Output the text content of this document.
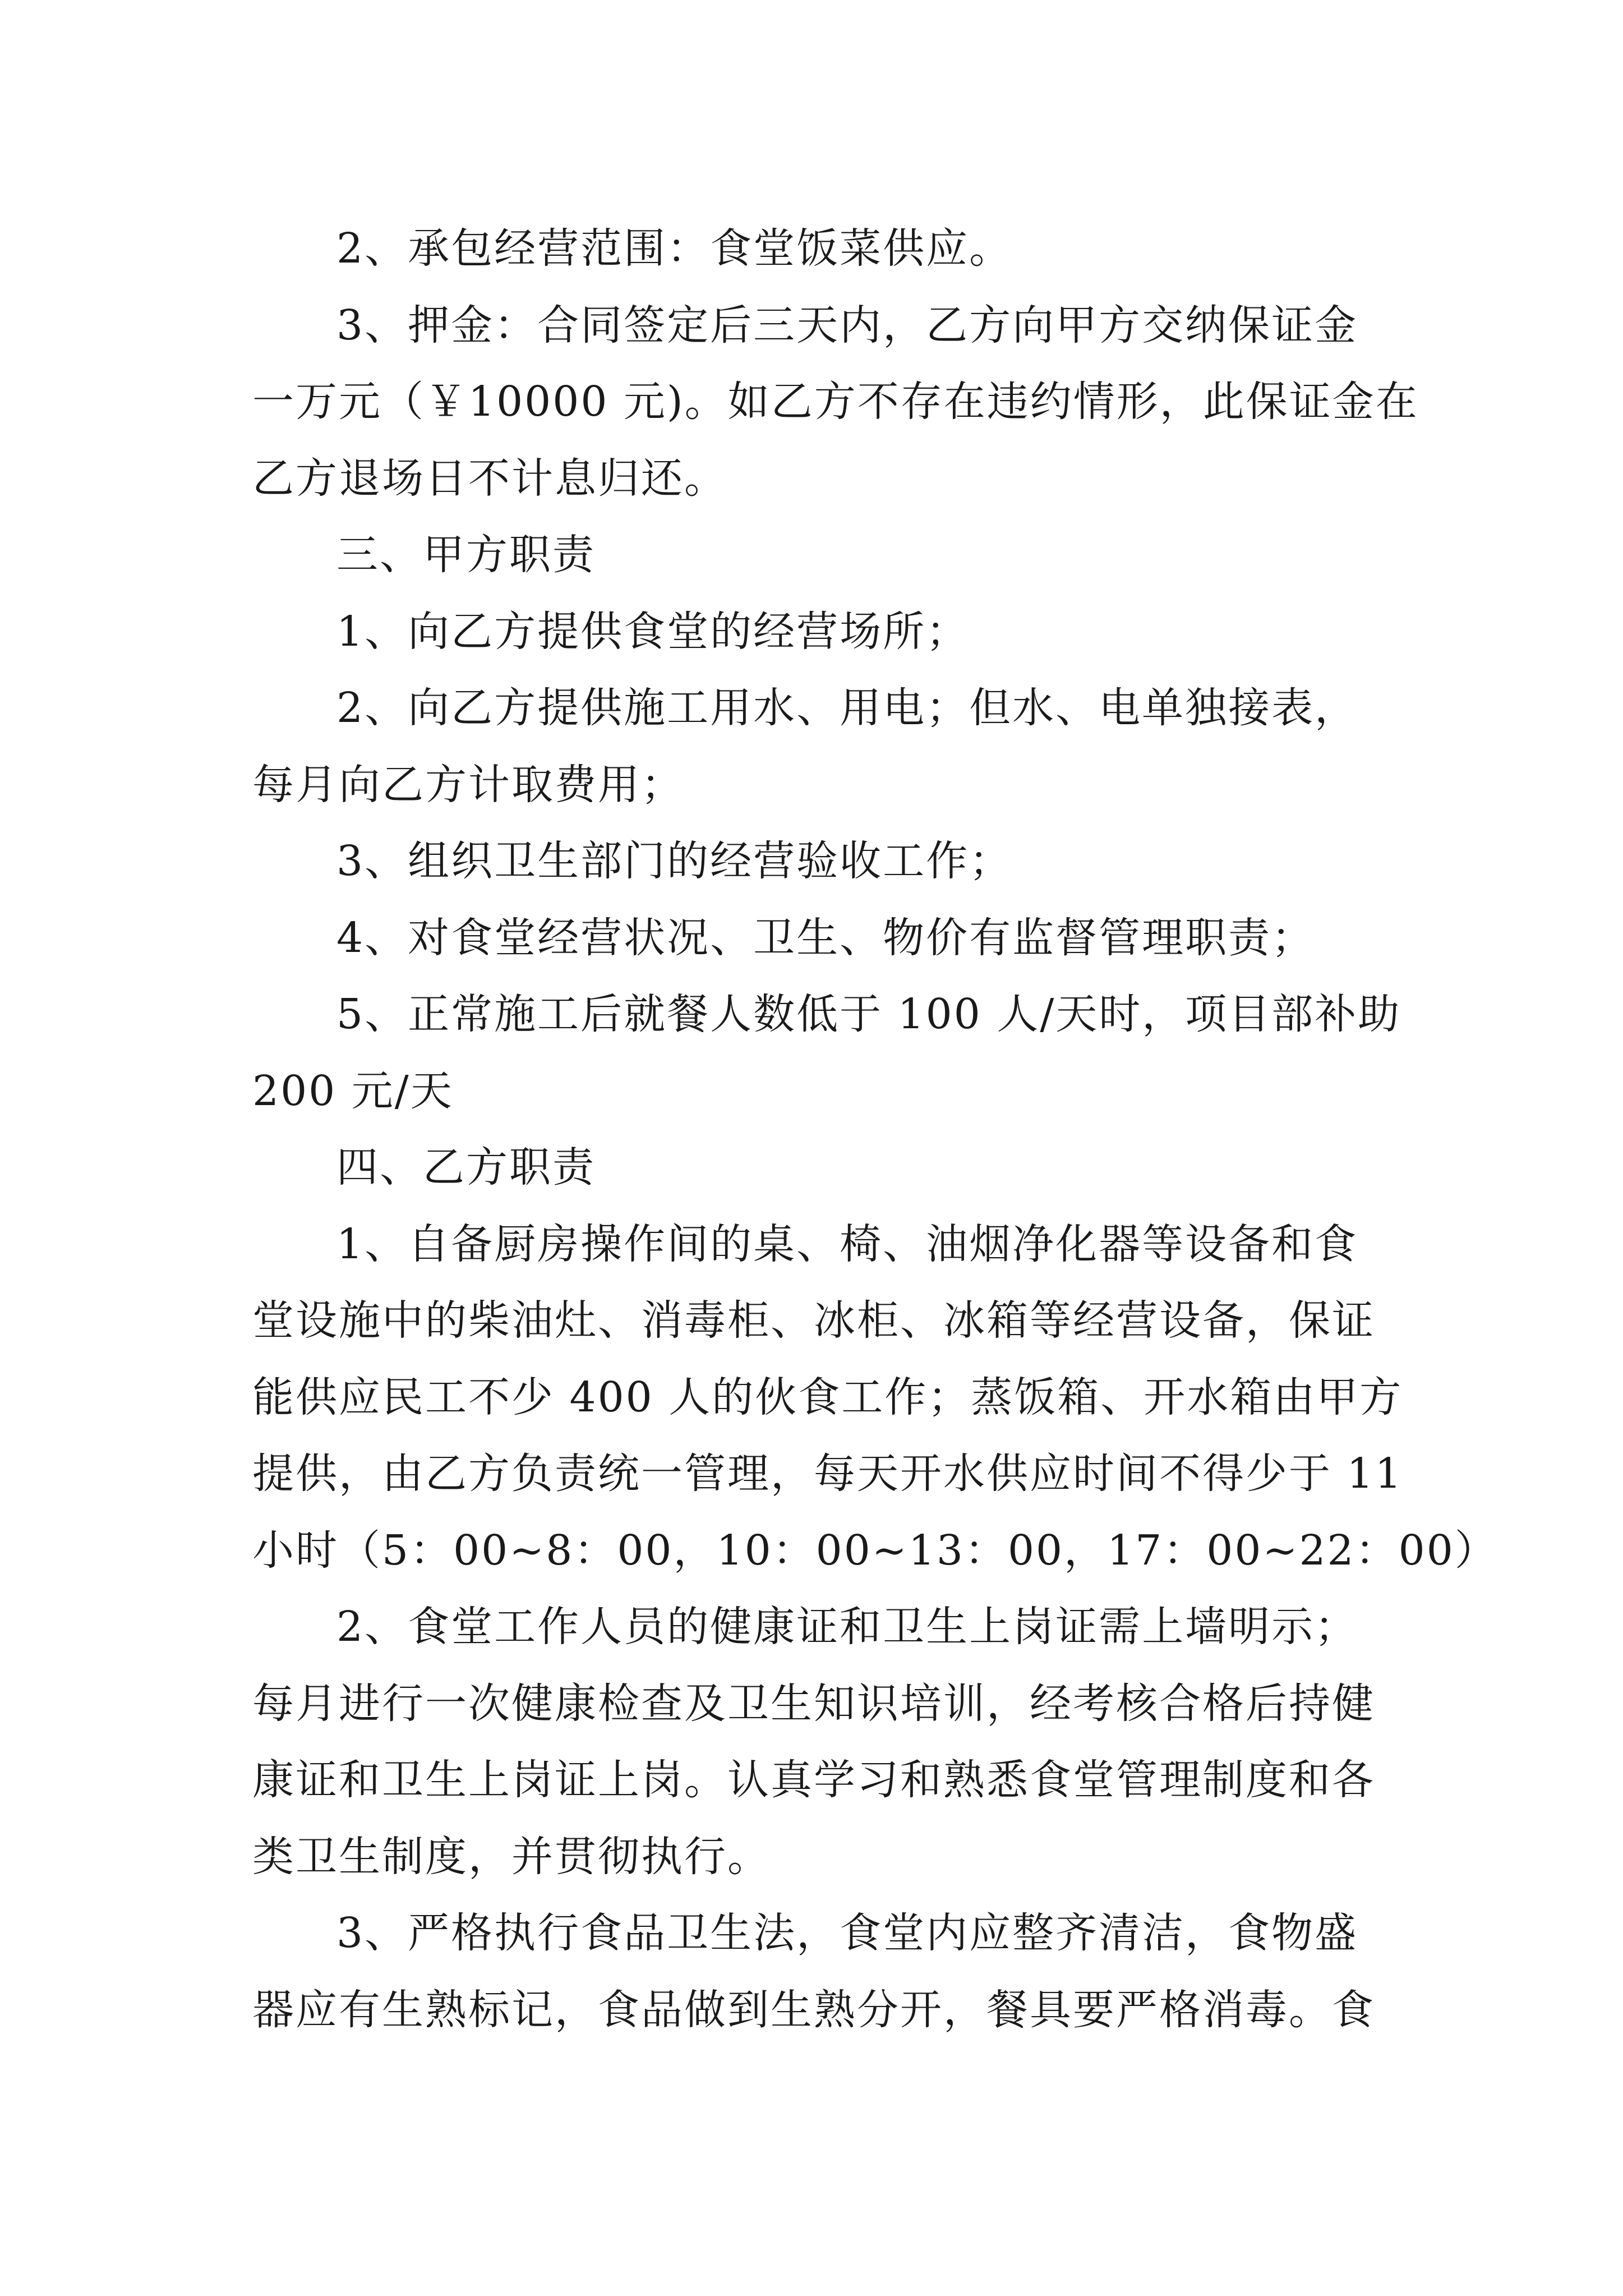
2、承包经营范围：食堂饭菜供应。
3、押金：合同签定后三天内，乙方向甲方交纳保证金
一万元（￥10000 元)。如乙方不存在违约情形，此保证金在
乙方退场日不计息归还。
三、甲方职责
1、向乙方提供食堂的经营场所；
2、向乙方提供施工用水、用电；但水、电单独接表，
每月向乙方计取费用；
3、组织卫生部门的经营验收工作；
4、对食堂经营状况、卫生、物价有监督管理职责；
5、正常施工后就餐人数低于 100 人/天时，项目部补助
200 元/天
四、乙方职责
1、自备厨房操作间的桌、椅、油烟净化器等设备和食
堂设施中的柴油灶、消毒柜、冰柜、冰箱等经营设备，保证
能供应民工不少 400 人的伙食工作；蒸饭箱、开水箱由甲方
提供，由乙方负责统一管理，每天开水供应时间不得少于 11
小时（5：00~8：00，10：00~13：00，17：00~22：00）
2、食堂工作人员的健康证和卫生上岗证需上墙明示；
每月进行一次健康检查及卫生知识培训，经考核合格后持健
康证和卫生上岗证上岗。认真学习和熟悉食堂管理制度和各
类卫生制度，并贯彻执行。
3、严格执行食品卫生法，食堂内应整齐清洁，食物盛
器应有生熟标记，食品做到生熟分开，餐具要严格消毒。食
